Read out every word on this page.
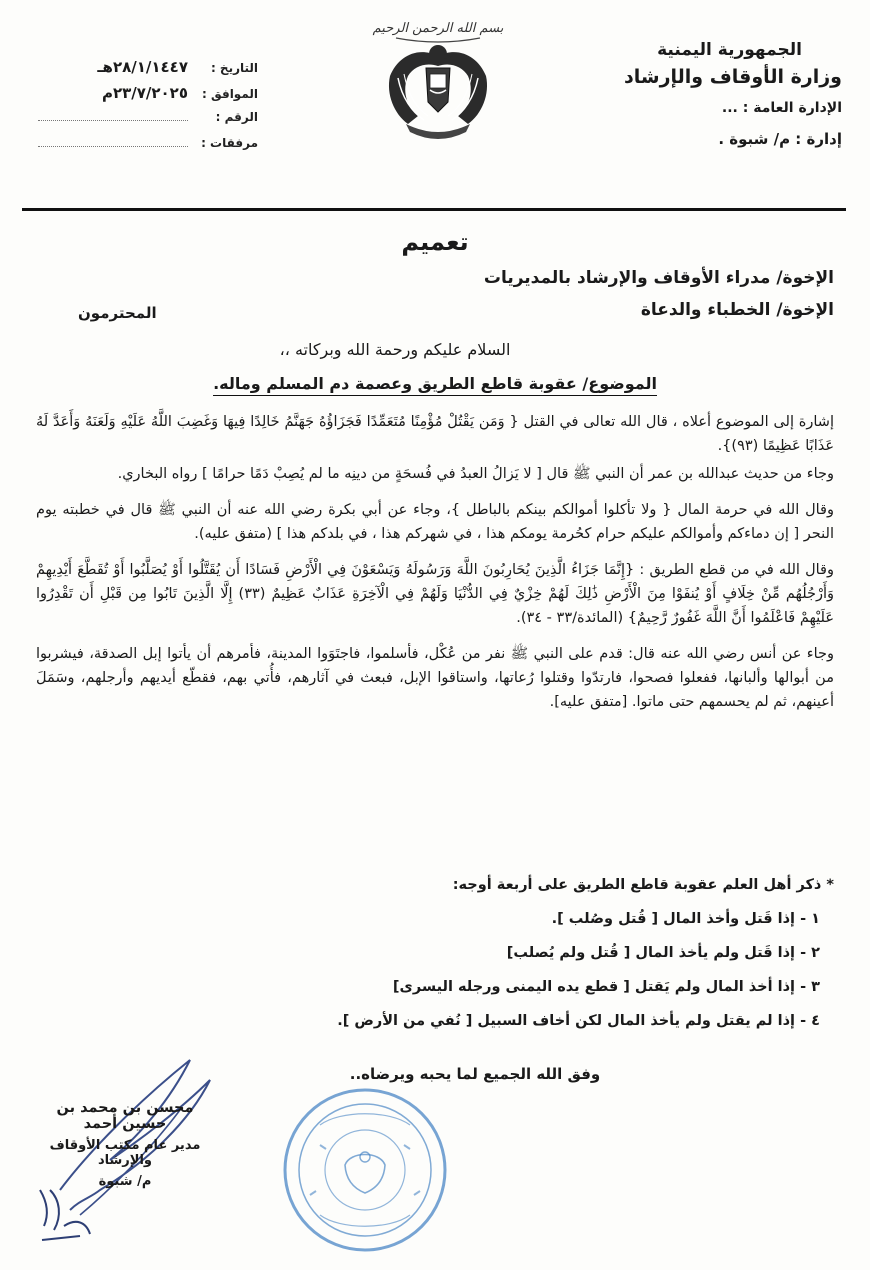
الجمهورية اليمنية
وزارة الأوقاف والإرشاد
الإدارة العامة : ...
إدارة : م/ شبوة .
بسم الله الرحمن الرحيم
التاريخ :
٢٨/١/١٤٤٧هـ
الموافق :
٢٣/٧/٢٠٢٥م
الرقم :
مرفقات :
تعميم
الإخوة/ مدراء الأوقاف والإرشاد بالمديريات
الإخوة/ الخطباء والدعاة
المحترمون
السلام عليكم ورحمة الله وبركاته ،،
الموضوع/ عقوبة قاطع الطريق وعصمة دم المسلم وماله.

إشارة إلى الموضوع أعلاه ، قال الله تعالى في القتل { وَمَن يَقْتُلْ مُؤْمِنًا مُتَعَمِّدًا فَجَزَاؤُهُ جَهَنَّمُ خَالِدًا فِيهَا وَغَضِبَ اللَّهُ عَلَيْهِ وَلَعَنَهُ وَأَعَدَّ لَهُ عَذَابًا عَظِيمًا (٩٣)}.

وجاء من حديث عبدالله بن عمر أن النبي ﷺ قال [ لا يَزالُ العبدُ في فُسحَةٍ من دينِه ما لم يُصِبْ دَمًا حرامًا ] رواه البخاري.

وقال الله في حرمة المال { ولا تأكلوا أموالكم بينكم بالباطل }، وجاء عن أبي بكرة رضي الله عنه أن النبي ﷺ قال في خطبته يوم النحر [ إن دماءكم وأموالكم عليكم حرام كحُرمة يومكم هذا ، في شهركم هذا ، في بلدكم هذا ] (متفق عليه).

وقال الله في من قطع الطريق : {إِنَّمَا جَزَاءُ الَّذِينَ يُحَارِبُونَ اللَّهَ وَرَسُولَهُ وَيَسْعَوْنَ فِي الْأَرْضِ فَسَادًا أَن يُقَتَّلُوا أَوْ يُصَلَّبُوا أَوْ تُقَطَّعَ أَيْدِيهِمْ وَأَرْجُلُهُم مِّنْ خِلَافٍ أَوْ يُنفَوْا مِنَ الْأَرْضِ ذَٰلِكَ لَهُمْ خِزْيٌ فِي الدُّنْيَا وَلَهُمْ فِي الْآخِرَةِ عَذَابٌ عَظِيمٌ (٣٣) إِلَّا الَّذِينَ تَابُوا مِن قَبْلِ أَن تَقْدِرُوا عَلَيْهِمْ فَاعْلَمُوا أَنَّ اللَّهَ غَفُورٌ رَّحِيمٌ} (المائدة/٣٣ - ٣٤).

وجاء عن أنس رضي الله عنه قال: قدم على النبي ﷺ نفر من عُكْل، فأسلموا، فاجتَوَوا المدينة، فأمرهم أن يأتوا إبل الصدقة، فيشربوا من أبوالها وألبانها، ففعلوا فصحوا، فارتدّوا وقتلوا رُعاتها، واستاقوا الإبل، فبعث في آثارهم، فأُتي بهم، فقطّع أيديهم وأرجلهم، وسَمَلَ أعينهم، ثم لم يحسمهم حتى ماتوا. [متفق عليه].

* ذكر أهل العلم عقوبة قاطع الطريق على أربعة أوجه:
١ - إذا قَتل وأخذ المال [ قُتل وصُلب ].
٢ - إذا قَتل ولم يأخذ المال [ قُتل ولم يُصلب]
٣ - إذا أخذ المال ولم يَقتل [ قطع يده اليمنى ورجله اليسرى]
٤ - إذا لم يقتل ولم يأخذ المال لكن أخاف السبيل [ نُفي من الأرض ].
وفق الله الجميع لما يحبه ويرضاه..
محسن بن محمد بن حسين أحمد
مدير عام مكتب الأوقاف والإرشاد
م/ شبوة
